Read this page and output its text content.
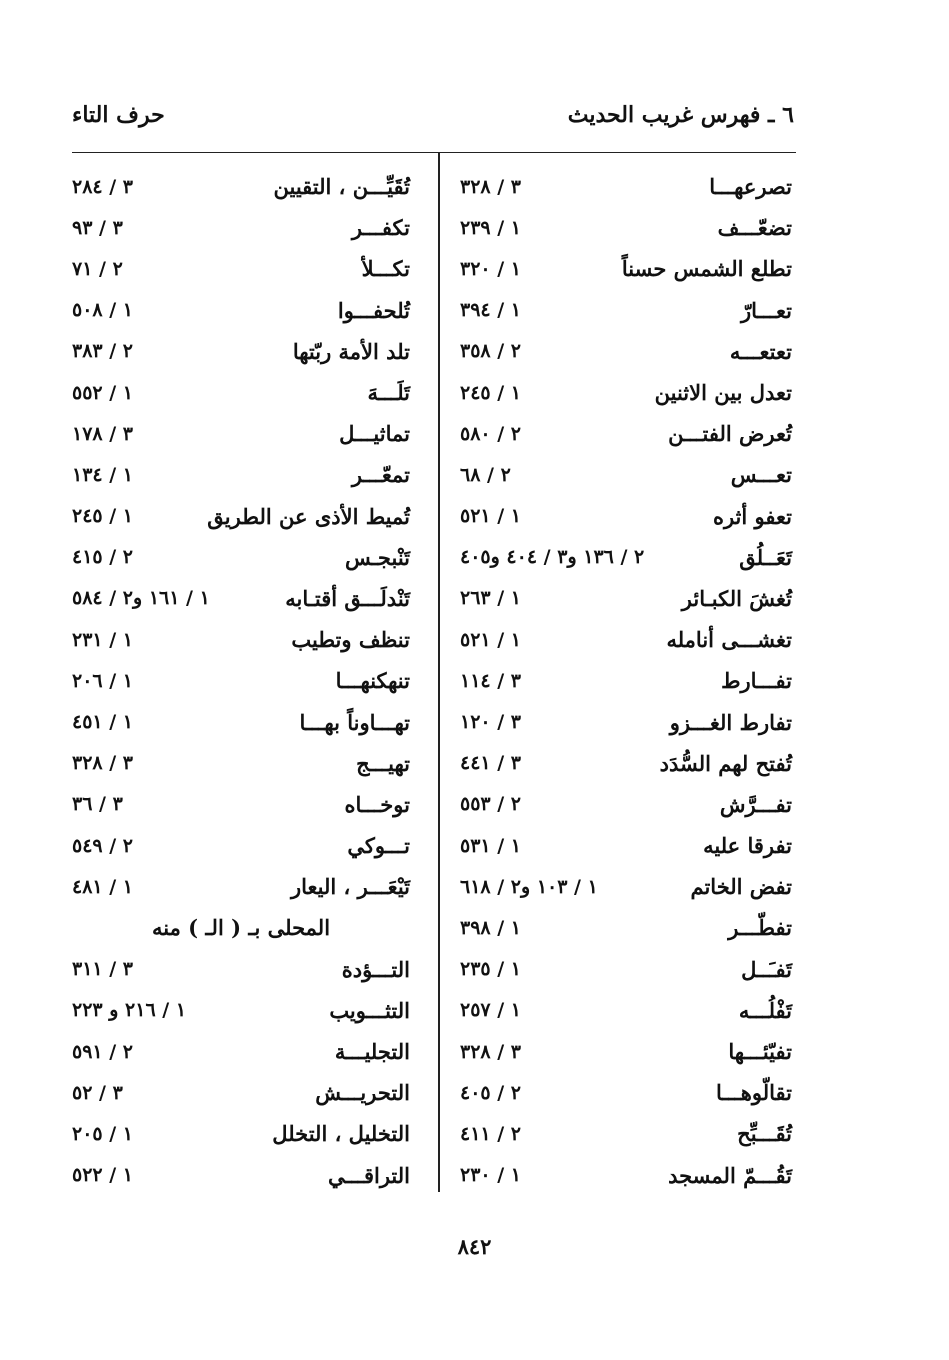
٦ ـ فهرس غريب الحديث
حرف التاء
تصرعهـــا
٣ / ٣٢٨
تضعّـــف
١ / ٢٣٩
تطلع الشمس حسناً
١ / ٣٢٠
تعـــارّ
١ / ٣٩٤
تعتعـــه
٢ / ٣٥٨
تعدل بين الاثنين
١ / ٢٤٥
تُعرض الفتـــن
٢ / ٥٨٠
تعـــس
٢ / ٦٨
تعفو أثره
١ / ٥٢١
تَعَــلُق
٢ / ١٣٦ و٣ / ٤٠٤ و٤٠٥
تُغشَ الكبـائر
١ / ٢٦٣
تغشـــى أنامله
١ / ٥٢١
تفـــارط
٣ / ١١٤
تفارط الغـــزو
٣ / ١٢٠
تُفتح لهم السُّدَد
٣ / ٤٤١
تفـــرَّش
٢ / ٥٥٣
تفرقا عليه
١ / ٥٣١
تفض الخاتم
١ / ١٠٣ و٢ / ٦١٨
تفطّـــر
١ / ٣٩٨
تَفـَــل
١ / ٢٣٥
تَفْلُـــه
١ / ٢٥٧
تفيّئـــها
٣ / ٣٢٨
تقالّوهـــا
٢ / ٤٠٥
تُقَـــبِّح
٢ / ٤١١
تَقُـــمّ المسجد
١ / ٢٣٠
تُقَيِّـــن ، التقيين
٣ / ٢٨٤
تكفـــر
٣ / ٩٣
تكـــلأ
٢ / ٧١
تُلحفـــوا
١ / ٥٠٨
تلد الأمة ربّتها
٢ / ٣٨٣
تَلَـــهَ
١ / ٥٥٢
تماثيـــل
٣ / ١٧٨
تمعّـــر
١ / ١٣٤
تُميط الأذى عن الطريق
١ / ٢٤٥
تَنْبجـس
٢ / ٤١٥
تَنْدلَـــق أقتـابه
١ / ١٦١ و٢ / ٥٨٤
تنظف وتطيب
١ / ٢٣١
تنهكنهـــا
١ / ٢٠٦
تهـــاوناً بهـــا
١ / ٤٥١
تهيـــج
٣ / ٣٢٨
توخـــاه
٣ / ٣٦
تـــوكي
٢ / ٥٤٩
تَيْعَـــر ، اليعار
١ / ٤٨١
المحلى بـ ( الـ ) منه
التـــؤدة
٣ / ٣١١
التثـــويب
١ / ٢١٦ و ٢٢٣
التجليـــة
٢ / ٥٩١
التحريـــش
٣ / ٥٢
التخليل ، التخلل
١ / ٢٠٥
التراقـــي
١ / ٥٢٢
٨٤٢
